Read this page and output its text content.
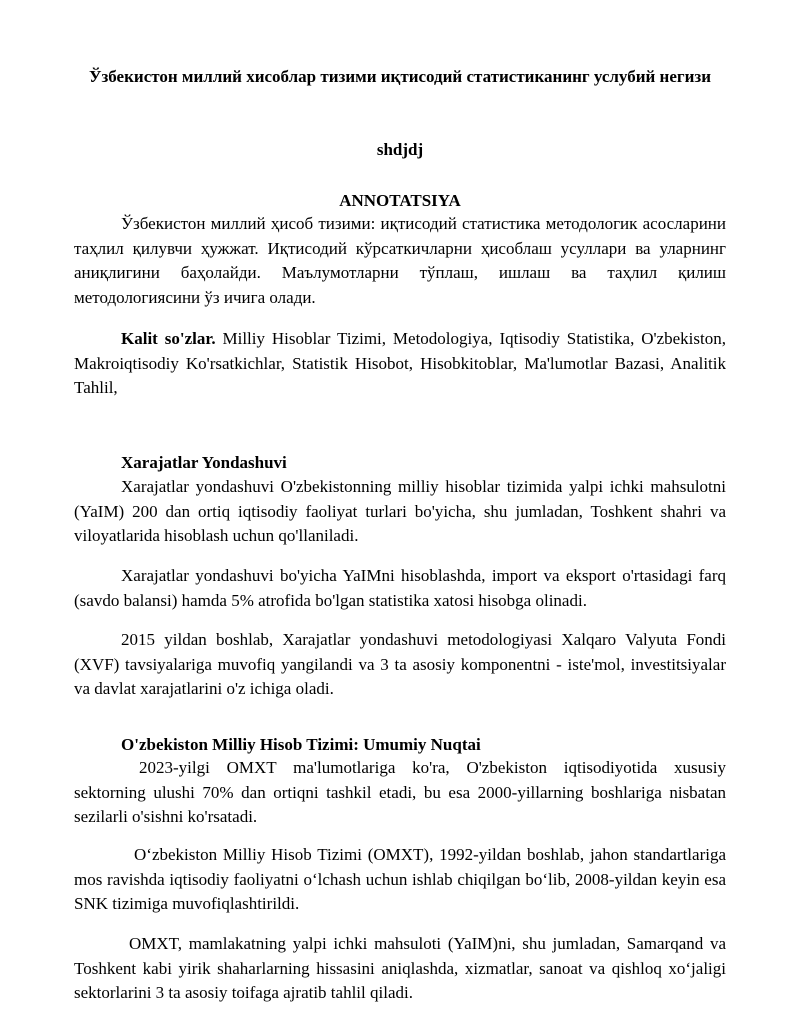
Ўзбекистон миллий хисоблар тизими иқтисодий статистиканинг услубий негизи
shdjdj
ANNOTATSIYA

Ўзбекистон миллий ҳисоб тизими: иқтисодий статистика методологик асосларини таҳлил қилувчи ҳужжат. Иқтисодий кўрсаткичларни ҳисоблаш усуллари ва уларнинг аниқлигини баҳолайди. Маълумотларни тўплаш, ишлаш ва таҳлил қилиш методологиясини ўз ичига олади.

Kalit so'zlar. Milliy Hisoblar Tizimi, Metodologiya, Iqtisodiy Statistika, O'zbekiston, Makroiqtisodiy Ko'rsatkichlar, Statistik Hisobot, Hisobkitoblar, Ma'lumotlar Bazasi, Analitik Tahlil,

Xarajatlar Yondashuvi

Xarajatlar yondashuvi O'zbekistonning milliy hisoblar tizimida yalpi ichki mahsulotni (YaIM) 200 dan ortiq iqtisodiy faoliyat turlari bo'yicha, shu jumladan, Toshkent shahri va viloyatlarida hisoblash uchun qo'llaniladi.

Xarajatlar yondashuvi bo'yicha YaIMni hisoblashda, import va eksport o'rtasidagi farq (savdo balansi) hamda 5% atrofida bo'lgan statistika xatosi hisobga olinadi.

2015 yildan boshlab, Xarajatlar yondashuvi metodologiyasi Xalqaro Valyuta Fondi (XVF) tavsiyalariga muvofiq yangilandi va 3 ta asosiy komponentni - iste'mol, investitsiyalar va davlat xarajatlarini o'z ichiga oladi.

O'zbekiston Milliy Hisob Tizimi: Umumiy Nuqtai

2023-yilgi OMXT ma'lumotlariga ko'ra, O'zbekiston iqtisodiyotida xususiy sektorning ulushi 70% dan ortiqni tashkil etadi, bu esa 2000-yillarning boshlariga nisbatan sezilarli o'sishni ko'rsatadi.

Oʻzbekiston Milliy Hisob Tizimi (OMXT), 1992-yildan boshlab, jahon standartlariga mos ravishda iqtisodiy faoliyatni oʻlchash uchun ishlab chiqilgan boʻlib, 2008-yildan keyin esa SNK tizimiga muvofiqlashtirildi.

OMXT, mamlakatning yalpi ichki mahsuloti (YaIM)ni, shu jumladan, Samarqand va Toshkent kabi yirik shaharlarning hissasini aniqlashda, xizmatlar, sanoat va qishloq xoʻjaligi sektorlarini 3 ta asosiy toifaga ajratib tahlil qiladi.
